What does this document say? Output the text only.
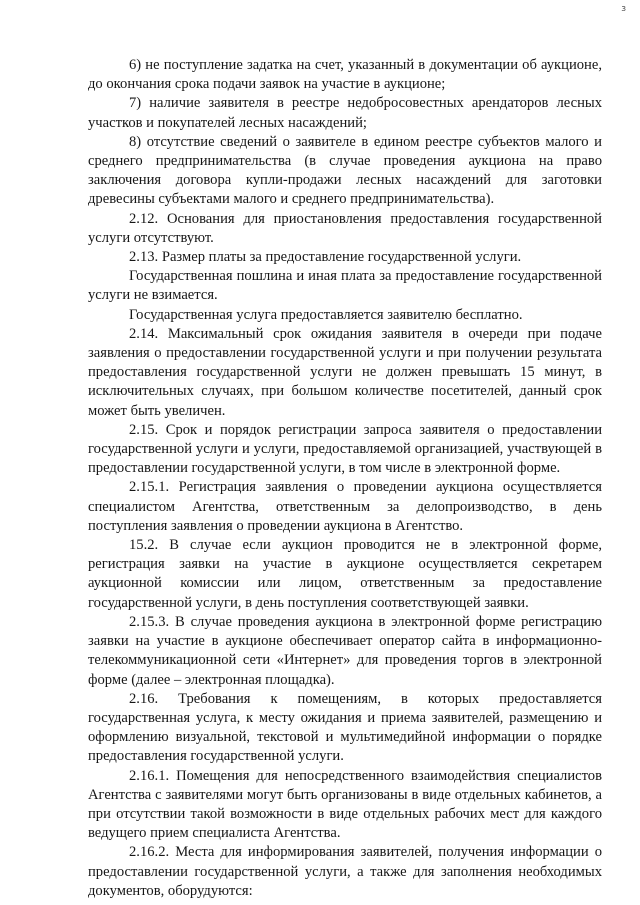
з

6) не поступление задатка на счет, указанный в документации об аукционе, до окончания срока подачи заявок на участие в аукционе;

7) наличие заявителя в реестре недобросовестных арендаторов лесных участков и покупателей лесных насаждений;

8) отсутствие сведений о заявителе в едином реестре субъектов малого и среднего предпринимательства (в случае проведения аукциона на право заключения договора купли-продажи лесных насаждений для заготовки древесины субъектами малого и среднего предпринимательства).

2.12. Основания для приостановления предоставления государственной услуги отсутствуют.

2.13. Размер платы за предоставление государственной услуги.

Государственная пошлина и иная плата за предоставление государственной услуги не взимается.

Государственная услуга предоставляется заявителю бесплатно.

2.14. Максимальный срок ожидания заявителя в очереди при подаче заявления о предоставлении государственной услуги и при получении результата предоставления государственной услуги не должен превышать 15 минут, в исключительных случаях, при большом количестве посетителей, данный срок может быть увеличен.

2.15. Срок и порядок регистрации запроса заявителя о предоставлении государственной услуги и услуги, предоставляемой организацией, участвующей в предоставлении государственной услуги, в том числе в электронной форме.

2.15.1. Регистрация заявления о проведении аукциона осуществляется специалистом Агентства, ответственным за делопроизводство, в день поступления заявления о проведении аукциона в Агентство.

15.2. В случае если аукцион проводится не в электронной форме, регистрация заявки на участие в аукционе осуществляется секретарем аукционной комиссии или лицом, ответственным за предоставление государственной услуги, в день поступления соответствующей заявки.

2.15.3. В случае проведения аукциона в электронной форме регистрацию заявки на участие в аукционе обеспечивает оператор сайта в информационно-телекоммуникационной сети «Интернет» для проведения торгов в электронной форме (далее – электронная площадка).

2.16. Требования к помещениям, в которых предоставляется государственная услуга, к месту ожидания и приема заявителей, размещению и оформлению визуальной, текстовой и мультимедийной информации о порядке предоставления государственной услуги.

2.16.1. Помещения для непосредственного взаимодействия специалистов Агентства с заявителями могут быть организованы в виде отдельных кабинетов, а при отсутствии такой возможности в виде отдельных рабочих мест для каждого ведущего прием специалиста Агентства.

2.16.2. Места для информирования заявителей, получения информации о предоставлении государственной услуги, а также для заполнения необходимых документов, оборудуются:
